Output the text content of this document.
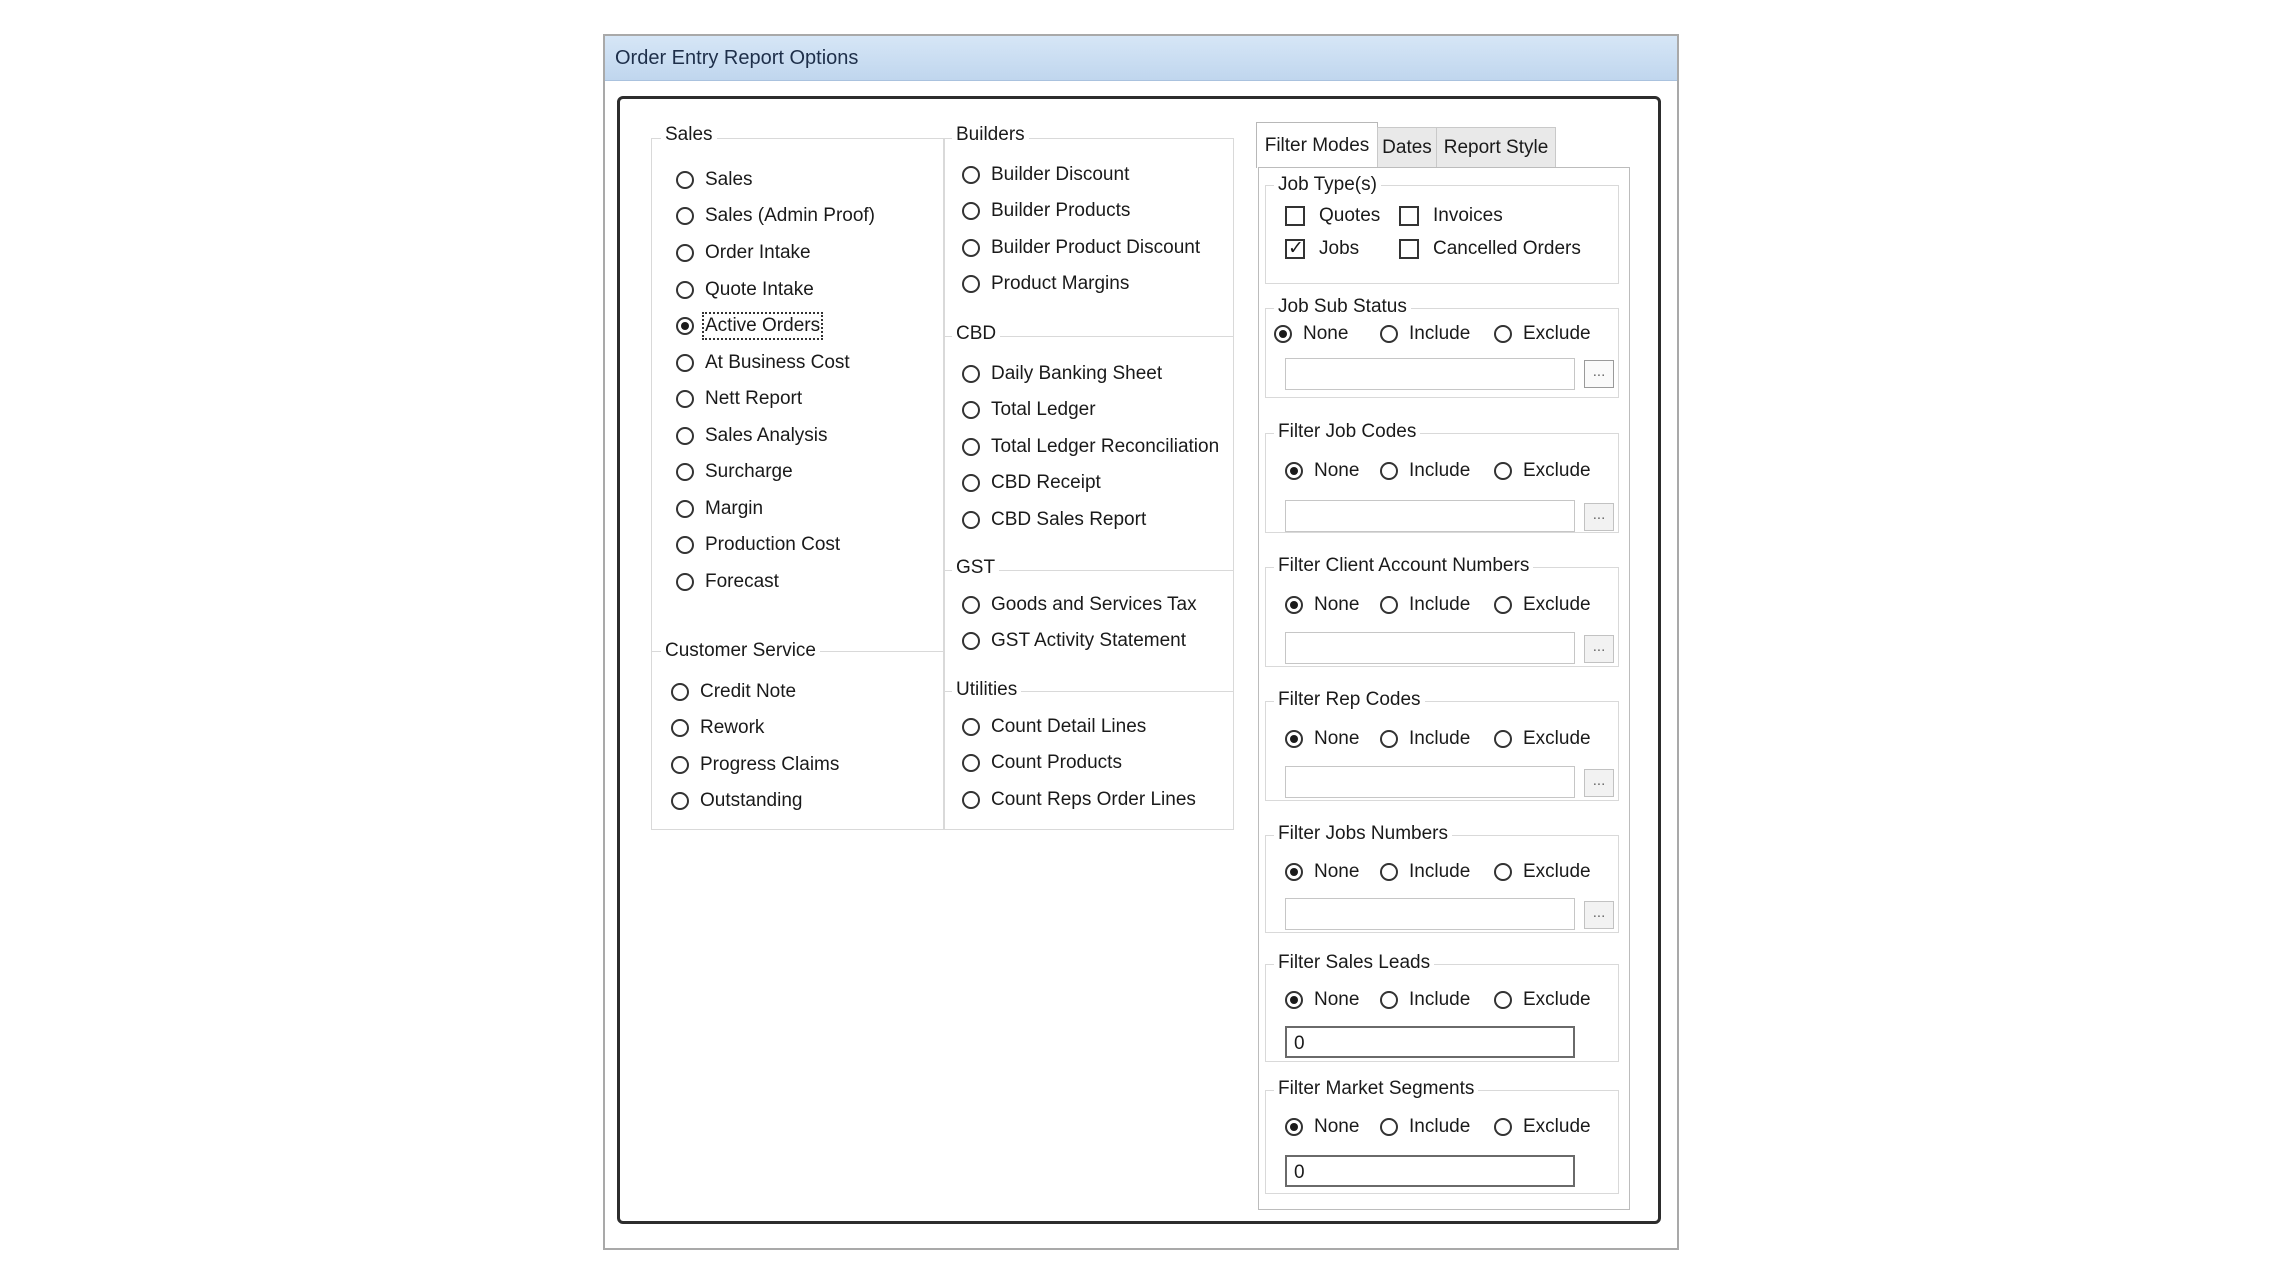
Order Entry Report Options
Sales
Sales
Sales (Admin Proof)
Order Intake
Quote Intake
Active Orders
At Business Cost
Nett Report
Sales Analysis
Surcharge
Margin
Production Cost
Forecast
Customer Service
Credit Note
Rework
Progress Claims
Outstanding
Builders
Builder Discount
Builder Products
Builder Product Discount
Product Margins
CBD
Daily Banking Sheet
Total Ledger
Total Ledger Reconciliation
CBD Receipt
CBD Sales Report
GST
Goods and Services Tax
GST Activity Statement
Utilities
Count Detail Lines
Count Products
Count Reps Order Lines
Filter Modes Dates Report Style
Job Type(s)
Quotes	Invoices
✓
Jobs	Cancelled Orders
Job Sub Status
None	Include	Exclude
...
Filter Job Codes
None	Include	Exclude
...
Filter Client Account Numbers
None	Include	Exclude
...
Filter Rep Codes
None	Include	Exclude
...
Filter Jobs Numbers
None	Include	Exclude
...
Filter Sales Leads
None	Include	Exclude
0
Filter Market Segments
None	Include	Exclude
0
